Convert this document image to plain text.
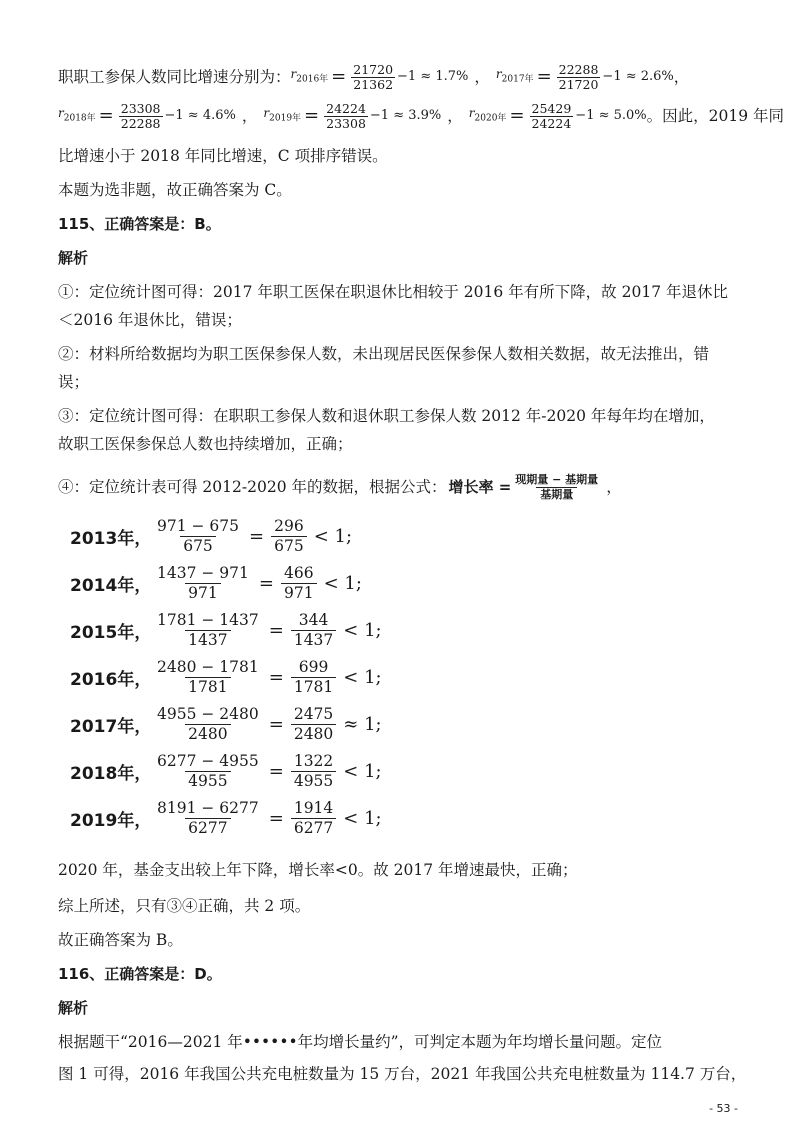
职职工参保人数同比增速分别为： $r_{2016年} = \frac{21720}{21362} -1 \approx 1.7\%$ ， $r_{2017年} = \frac{22288}{21720} -1 \approx 2.6\%$ ，
$r_{2018年} = \frac{23308}{22288} -1 \approx 4.6\%$ ， $r_{2019年} = \frac{24224}{23308} -1 \approx 3.9\%$ ， $r_{2020年} = \frac{25429}{24224} -1 \approx 5.0\%$ 。因此，2019 年同
比增速小于 2018 年同比增速，C 项排序错误。
本题为选非题，故正确答案为 C。
115、正确答案是：B。
解析
①：定位统计图可得：2017 年职工医保在职退休比相较于 2016 年有所下降，故 2017 年退休比
＜2016 年退休比，错误；
②：材料所给数据均为职工医保参保人数，未出现居民医保参保人数相关数据，故无法推出，错
误；
③：定位统计图可得：在职职工参保人数和退休职工参保人数 2012 年-2020 年每年均在增加，
故职工医保参保总人数也持续增加，正确；
④：定位统计表可得 2012-2020 年的数据，根据公式： 增长率 = $\frac{\text{现期量 − 基期量}}{\text{基期量}}$ ，
2013年， $\frac{971 - 675}{675} = \frac{296}{675} < 1$;
2014年， $\frac{1437 - 971}{971} = \frac{466}{971} < 1$;
2015年， $\frac{1781 - 1437}{1437} = \frac{344}{1437} < 1$;
2016年， $\frac{2480 - 1781}{1781} = \frac{699}{1781} < 1$;
2017年， $\frac{4955 - 2480}{2480} = \frac{2475}{2480} \approx 1$;
2018年， $\frac{6277 - 4955}{4955} = \frac{1322}{4955} < 1$;
2019年， $\frac{8191 - 6277}{6277} = \frac{1914}{6277} < 1$;
2020 年，基金支出较上年下降，增长率<0。故 2017 年增速最快，正确；
综上所述，只有③④正确，共 2 项。
故正确答案为 B。
116、正确答案是：D。
解析
根据题干“2016—2021 年••••••年均增长量约”，可判定本题为年均增长量问题。定位
图 1 可得，2016 年我国公共充电桩数量为 15 万台，2021 年我国公共充电桩数量为 114.7 万台，
- 53 -
